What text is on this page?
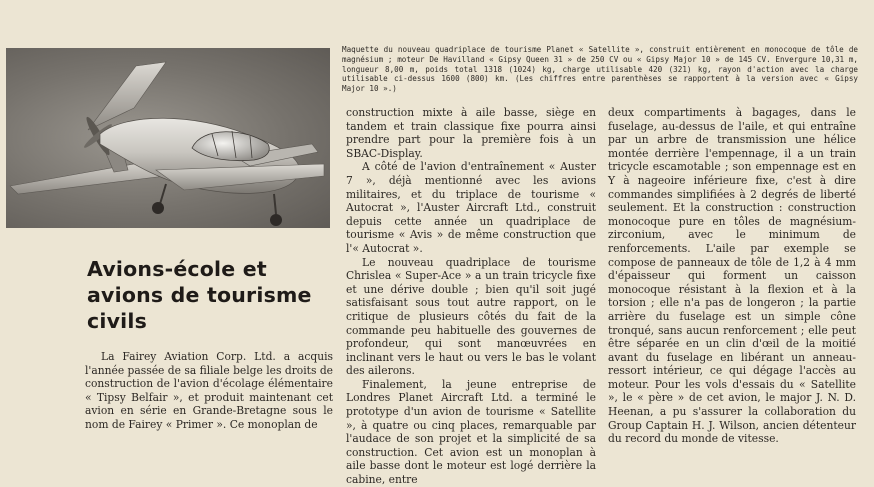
Maquette du nouveau quadriplace de tourisme Planet « Satellite », construit entièrement en monocoque de tôle de magnésium ; moteur De Havilland « Gipsy Queen 31 » de 250 CV ou « Gipsy Major 10 » de 145 CV. Envergure 10,31 m, longueur 8,00 m, poids total 1318 (1024) kg, charge utilisable 420 (321) kg, rayon d'action avec la charge utilisable ci-dessus 1600 (800) km. (Les chiffres entre parenthèses se rapportent à la version avec « Gipsy Major 10 ».)
Avions-école et
avions de tourisme
civils

La Fairey Aviation Corp. Ltd. a acquis l'année passée de sa filiale belge les droits de construction de l'avion d'écolage élémentaire « Tipsy Belfair », et produit maintenant cet avion en série en Grande-Bretagne sous le nom de Fairey « Primer ». Ce monoplan de

construction mixte à aile basse, siège en tandem et train classique fixe pourra ainsi prendre part pour la première fois à un SBAC-Display.

A côté de l'avion d'entraînement « Auster 7 », déjà mentionné avec les avions militaires, et du triplace de tourisme « Autocrat », l'Auster Aircraft Ltd., construit depuis cette année un quadriplace de tourisme « Avis » de même construction que l'« Autocrat ».

Le nouveau quadriplace de tourisme Chrislea « Super-Ace » a un train tricycle fixe et une dérive double ; bien qu'il soit jugé satisfaisant sous tout autre rapport, on le critique de plusieurs côtés du fait de la commande peu habituelle des gouvernes de profondeur, qui sont manœuvrées en inclinant vers le haut ou vers le bas le volant des ailerons.

Finalement, la jeune entreprise de Londres Planet Aircraft Ltd. a terminé le prototype d'un avion de tourisme « Satellite », à quatre ou cinq places, remarquable par l'audace de son projet et la simplicité de sa construction. Cet avion est un monoplan à aile basse dont le moteur est logé derrière la cabine, entre

deux compartiments à bagages, dans le fuselage, au-dessus de l'aile, et qui entraîne par un arbre de transmission une hélice montée derrière l'empennage, il a un train tricycle escamotable ; son empennage est en Y à nageoire inférieure fixe, c'est à dire commandes simplifiées à 2 degrés de liberté seulement. Et la construction : construction monocoque pure en tôles de magnésium-zirconium, avec le minimum de renforcements. L'aile par exemple se compose de panneaux de tôle de 1,2 à 4 mm d'épaisseur qui forment un caisson monocoque résistant à la flexion et à la torsion ; elle n'a pas de longeron ; la partie arrière du fuselage est un simple cône tronqué, sans aucun renforcement ; elle peut être séparée en un clin d'œil de la moitié avant du fuselage en libérant un anneau-ressort intérieur, ce qui dégage l'accès au moteur. Pour les vols d'essais du « Satellite », le « père » de cet avion, le major J. N. D. Heenan, a pu s'assurer la collaboration du Group Captain H. J. Wilson, ancien détenteur du record du monde de vitesse.
